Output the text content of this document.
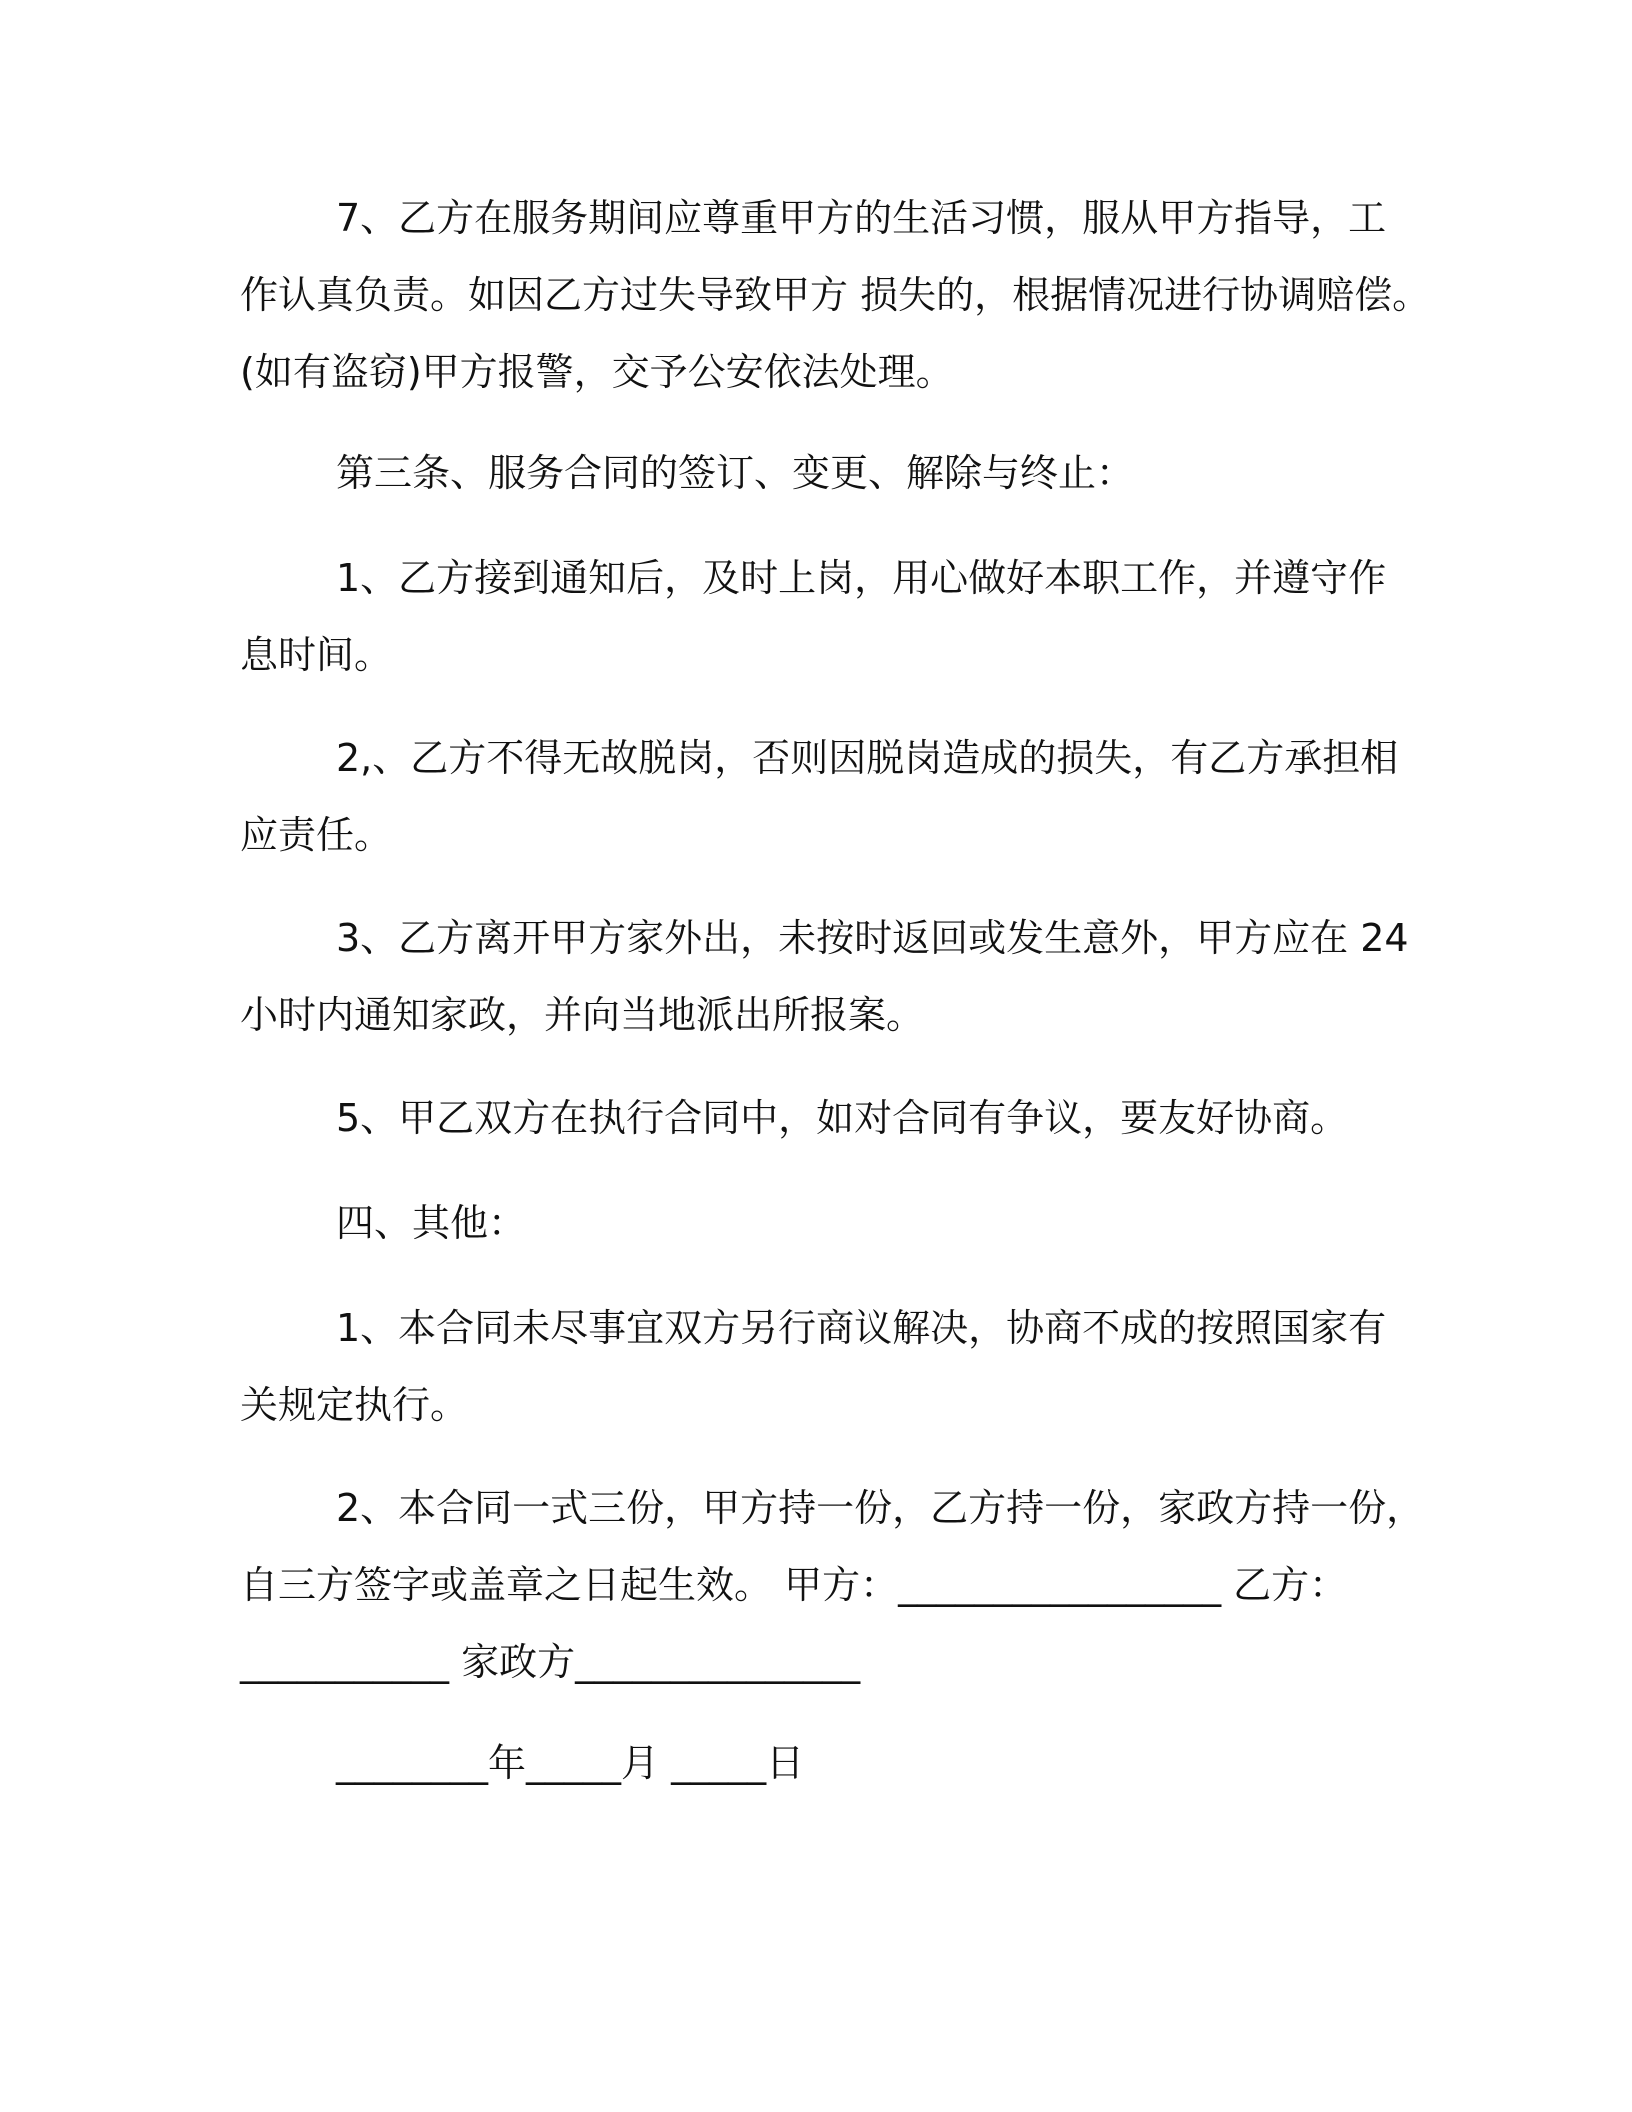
7、乙方在服务期间应尊重甲方的生活习惯，服从甲方指导，工
作认真负责。如因乙方过失导致甲方 损失的，根据情况进行协调赔偿。
(如有盗窃)甲方报警，交予公安依法处理。
第三条、服务合同的签订、变更、解除与终止：
1、乙方接到通知后，及时上岗，用心做好本职工作，并遵守作
息时间。
2,、乙方不得无故脱岗，否则因脱岗造成的损失，有乙方承担相
应责任。
3、乙方离开甲方家外出，未按时返回或发生意外，甲方应在 24
小时内通知家政，并向当地派出所报案。
5、甲乙双方在执行合同中，如对合同有争议，要友好协商。
四、其他：
1、本合同未尽事宜双方另行商议解决，协商不成的按照国家有
关规定执行。
2、本合同一式三份，甲方持一份，乙方持一份，家政方持一份，
自三方签字或盖章之日起生效。 甲方：_________________ 乙方：
___________ 家政方_______________
________年_____月 _____日
